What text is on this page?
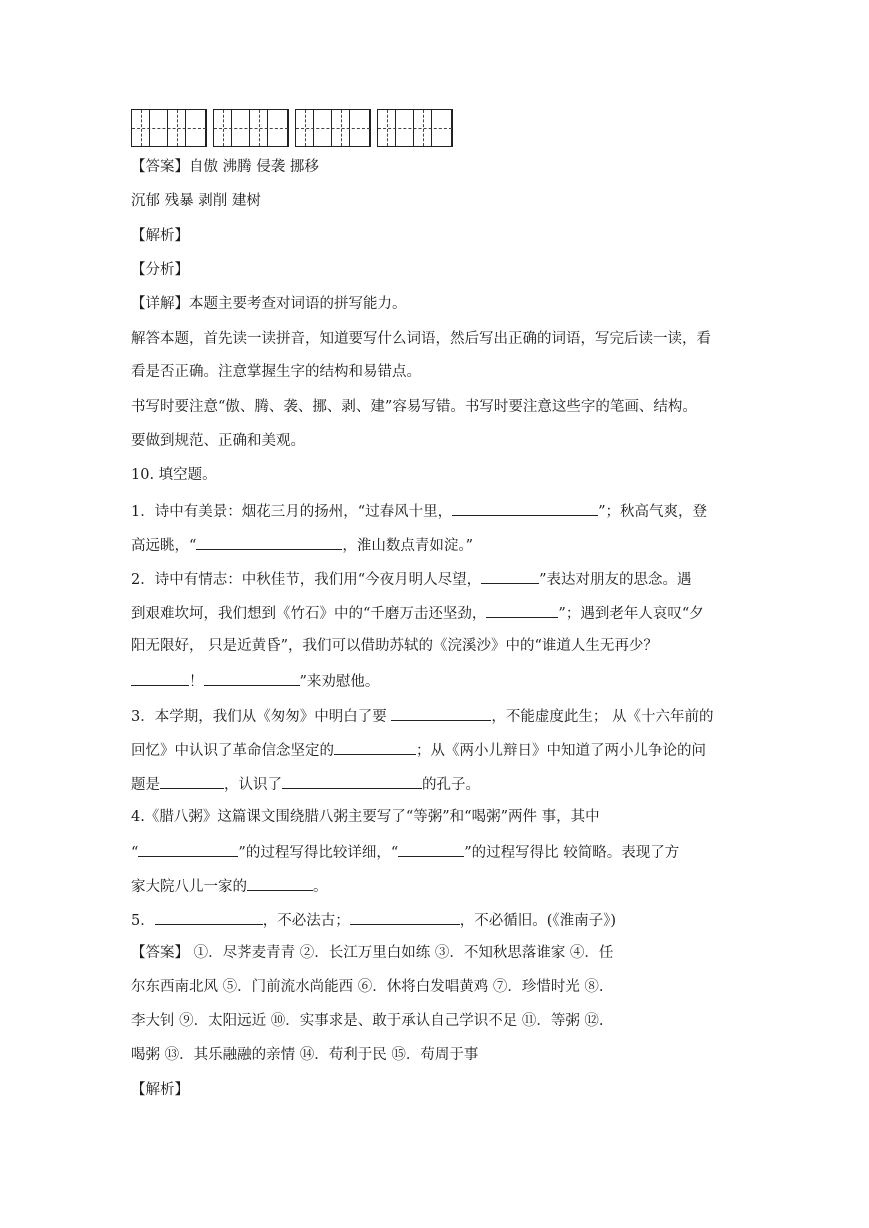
【答案】自傲 沸腾 侵袭 挪移
沉郁 残暴 剥削 建树
【解析】
【分析】
【详解】本题主要考查对词语的拼写能力。
解答本题，首先读一读拼音，知道要写什么词语，然后写出正确的词语，写完后读一读，看
看是否正确。注意掌握生字的结构和易错点。
书写时要注意“傲、腾、袭、挪、剥、建”容易写错。书写时要注意这些字的笔画、结构。
要做到规范、正确和美观。
10. 填空题。
1．诗中有美景：烟花三月的扬州，“过春风十里，	”；秋高气爽，登
高远眺，“	，淮山数点青如淀。”
2．诗中有情志：中秋佳节，我们用“今夜月明人尽望，	”表达对朋友的思念。遇
到艰难坎坷，我们想到《竹石》中的“千磨万击还坚劲，	”；遇到老年人哀叹“夕
阳无限好， 只是近黄昏”，我们可以借助苏轼的《浣溪沙》中的“谁道人生无再少？
！	”来劝慰他。
3．本学期，我们从《匆匆》中明白了要	，不能虚度此生； 从《十六年前的
回忆》中认识了革命信念坚定的	；从《两小儿辩日》中知道了两小儿争论的问
题是	，认识了	的孔子。
4.《腊八粥》这篇课文围绕腊八粥主要写了“等粥”和“喝粥”两件 事，其中
“	”的过程写得比较详细，“	”的过程写得比 较简略。表现了方
家大院八儿一家的	。
5．	，不必法古；	，不必循旧。(《淮南子》)
【答案】 ①．尽荠麦青青 ②．长江万里白如练 ③．不知秋思落谁家 ④．任
尔东西南北风 ⑤．门前流水尚能西 ⑥．休将白发唱黄鸡 ⑦．珍惜时光 ⑧.
李大钊 ⑨．太阳远近 ⑩．实事求是、敢于承认自己学识不足 ⑪．等粥 ⑫.
喝粥 ⑬．其乐融融的亲情 ⑭．苟利于民 ⑮．苟周于事
【解析】
